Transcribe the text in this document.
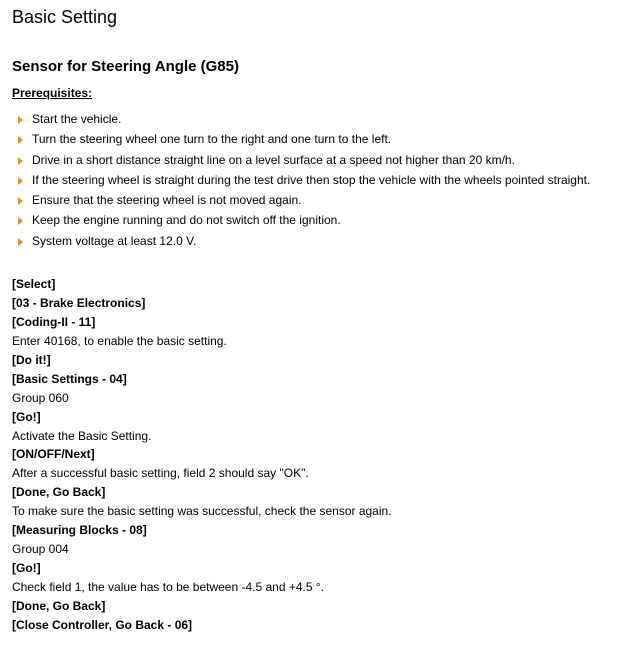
Basic Setting
Sensor for Steering Angle (G85)

Prerequisites:

Start the vehicle.
Turn the steering wheel one turn to the right and one turn to the left.
Drive in a short distance straight line on a level surface at a speed not higher than 20 km/h.
If the steering wheel is straight during the test drive then stop the vehicle with the wheels pointed straight.
Ensure that the steering wheel is not moved again.
Keep the engine running and do not switch off the ignition.
System voltage at least 12.0 V.
[Select]
[03 - Brake Electronics]
[Coding-II - 11]
Enter 40168, to enable the basic setting.
[Do it!]
[Basic Settings - 04]
Group 060
[Go!]
Activate the Basic Setting.
[ON/OFF/Next]
After a successful basic setting, field 2 should say "OK".
[Done, Go Back]
To make sure the basic setting was successful, check the sensor again.
[Measuring Blocks - 08]
Group 004
[Go!]
Check field 1, the value has to be between -4.5 and +4.5 °.
[Done, Go Back]
[Close Controller, Go Back - 06]
